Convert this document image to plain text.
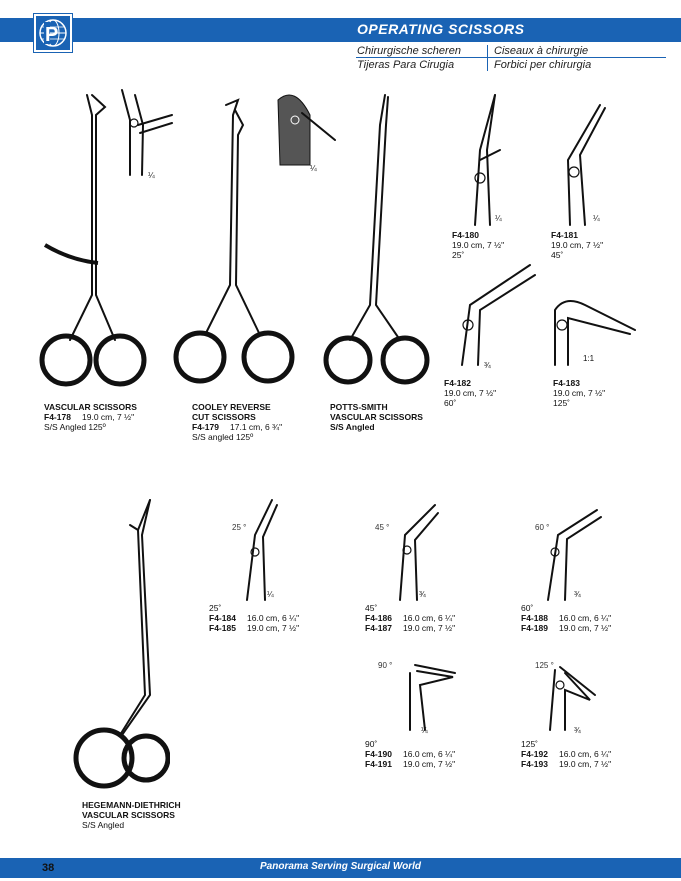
OPERATING SCISSORS
P
Chirurgische scheren
Tijeras Para Cirugia
Ciseaux à chirurgie
Forbici per chirurgia
¼
¼
VASCULAR SCISSORS
F4-178 19.0 cm, 7 ½"
S/S Angled 125º
COOLEY REVERSE
CUT SCISSORS
F4-179 17.1 cm, 6 ¾"
S/S angled 125º
POTTS-SMITH
VASCULAR SCISSORS
S/S Angled
¼	¼
¾
1:1
F4-180
19.0 cm, 7 ½"
25˚
F4-181
19.0 cm, 7 ½"
45˚
F4-182
19.0 cm, 7 ½"
60˚
F4-183
19.0 cm, 7 ½"
125˚
HEGEMANN-DIETHRICH
VASCULAR SCISSORS
S/S Angled
25 °	45 °	60 °
90 °	125 °
¼	¾	¾
¼	¾
25˚
F4-184 16.0 cm, 6 ¼"
F4-185 19.0 cm, 7 ½"
45˚
F4-186 16.0 cm, 6 ¼"
F4-187 19.0 cm, 7 ½"
60˚
F4-188 16.0 cm, 6 ¼"
F4-189 19.0 cm, 7 ½"
90˚
F4-190 16.0 cm, 6 ¼"
F4-191 19.0 cm, 7 ½"
125˚
F4-192 16.0 cm, 6 ¼"
F4-193 19.0 cm, 7 ½"
Panorama Serving Surgical World
38
